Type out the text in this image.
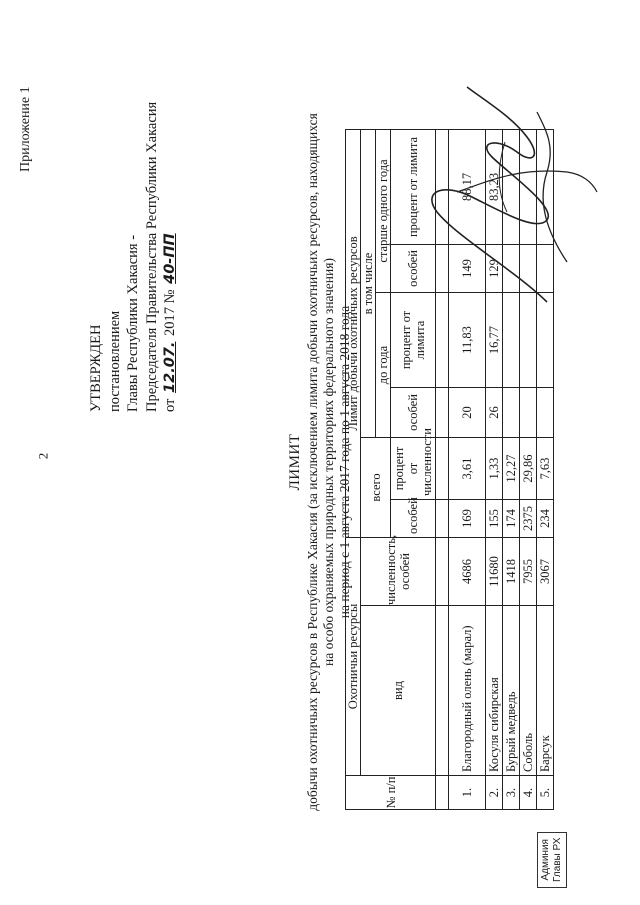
2
Приложение 1
УТВЕРЖДЕН постановлением Главы Республики Хакасия - Председателя Правительства Республики Хакасия от 12.07. 2017 № 40-ПП
ЛИМИТ добычи охотничьих ресурсов в Республике Хакасия (за исключением лимита добычи охотничьих ресурсов, находящихся на особо охраняемых природных территориях федерального значения) на период с 1 августа 2017 года по 1 августа 2018 года
№ п/п	Охотничьи ресурсы		Лимит добычи охотничьих ресурсов					
	вид	численность, особей	всего		в том числе			
					до года		старше одного года	
			особей	процент от численности	особей	процент от лимита	особей	процент от лимита

1.	Благородный олень (марал)	4686	169	3,61	20	11,83	149	88,17
2.	Косуля сибирская	11680	155	1,33	26	16,77	129	83,23
3.	Бурый медведь	1418	174	12,27				
4.	Соболь	7955	2375	29,86				
5.	Барсук	3067	234	7,63				
Админия Главы РХ
